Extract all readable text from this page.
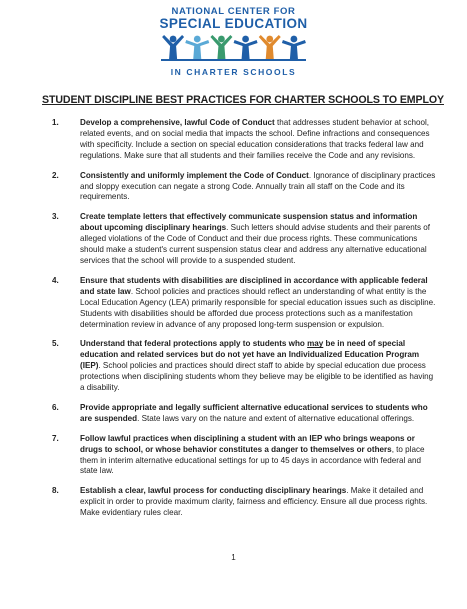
NATIONAL CENTER FOR
SPECIAL EDUCATION
IN CHARTER SCHOOLS
STUDENT DISCIPLINE BEST PRACTICES FOR CHARTER SCHOOLS TO EMPLOY
1.	Develop a comprehensive, lawful Code of Conduct that addresses student behavior at school, related events, and on social media that impacts the school. Define infractions and consequences with specificity. Include a section on special education considerations that tracks federal law and regulations. Make sure that all students and their families receive the Code and any revisions.
2.	Consistently and uniformly implement the Code of Conduct. Ignorance of disciplinary practices and sloppy execution can negate a strong Code. Annually train all staff on the Code and its requirements.
3.	Create template letters that effectively communicate suspension status and information about upcoming disciplinary hearings. Such letters should advise students and their parents of alleged violations of the Code of Conduct and their due process rights. These communications should make a student's current suspension status clear and address any alternative educational services that the school will provide to a suspended student.
4.	Ensure that students with disabilities are disciplined in accordance with applicable federal and state law. School policies and practices should reflect an understanding of what entity is the Local Education Agency (LEA) primarily responsible for special education issues such as discipline. Students with disabilities should be afforded due process protections such as a manifestation determination review in advance of any proposed long-term suspension or expulsion.
5.	Understand that federal protections apply to students who may be in need of special education and related services but do not yet have an Individualized Education Program (IEP). School policies and practices should direct staff to abide by special education due process protections when disciplining students whom they believe may be eligible to be identified as having a disability.
6.	Provide appropriate and legally sufficient alternative educational services to students who are suspended. State laws vary on the nature and extent of alternative educational offerings.
7.	Follow lawful practices when disciplining a student with an IEP who brings weapons or drugs to school, or whose behavior constitutes a danger to themselves or others, to place them in interim alternative educational settings for up to 45 days in accordance with federal and state law.
8.	Establish a clear, lawful process for conducting disciplinary hearings. Make it detailed and explicit in order to provide maximum clarity, fairness and efficiency. Ensure all due process rights. Make evidentiary rules clear.
1
